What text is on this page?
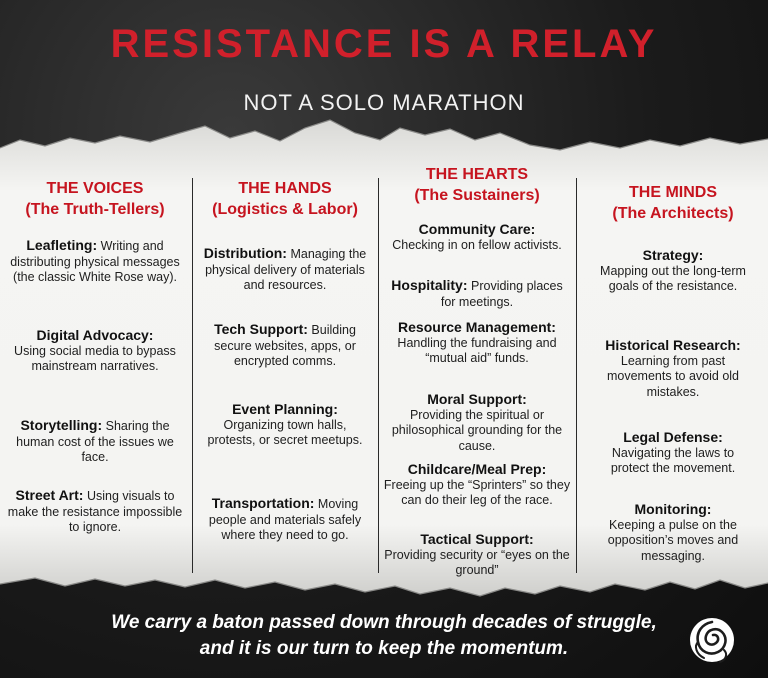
RESISTANCE IS A RELAY
NOT A SOLO MARATHON
THE VOICES
(The Truth-Tellers)
Leafleting: Writing and distributing physical messages (the classic White Rose way).
Digital Advocacy:
Using social media to bypass mainstream narratives.
Storytelling: Sharing the human cost of the issues we face.
Street Art: Using visuals to make the resistance impossible to ignore.
THE HANDS
(Logistics & Labor)
Distribution: Managing the physical delivery of materials and resources.
Tech Support: Building secure websites, apps, or encrypted comms.
Event Planning:
Organizing town halls, protests, or secret meetups.
Transportation: Moving people and materials safely where they need to go.
THE HEARTS
(The Sustainers)
Community Care:
Checking in on fellow activists.
Hospitality: Providing places for meetings.
Resource Management:
Handling the fundraising and “mutual aid” funds.
Moral Support:
Providing the spiritual or philosophical grounding for the cause.
Childcare/Meal Prep:
Freeing up the “Sprinters” so they can do their leg of the race.
Tactical Support:
Providing security or “eyes on the ground”
THE MINDS
(The Architects)
Strategy:
Mapping out the long-term goals of the resistance.
Historical Research:
Learning from past movements to avoid old mistakes.
Legal Defense:
Navigating the laws to protect the movement.
Monitoring:
Keeping a pulse on the opposition’s moves and messaging.
We carry a baton passed down through decades of struggle,
and it is our turn to keep the momentum.
